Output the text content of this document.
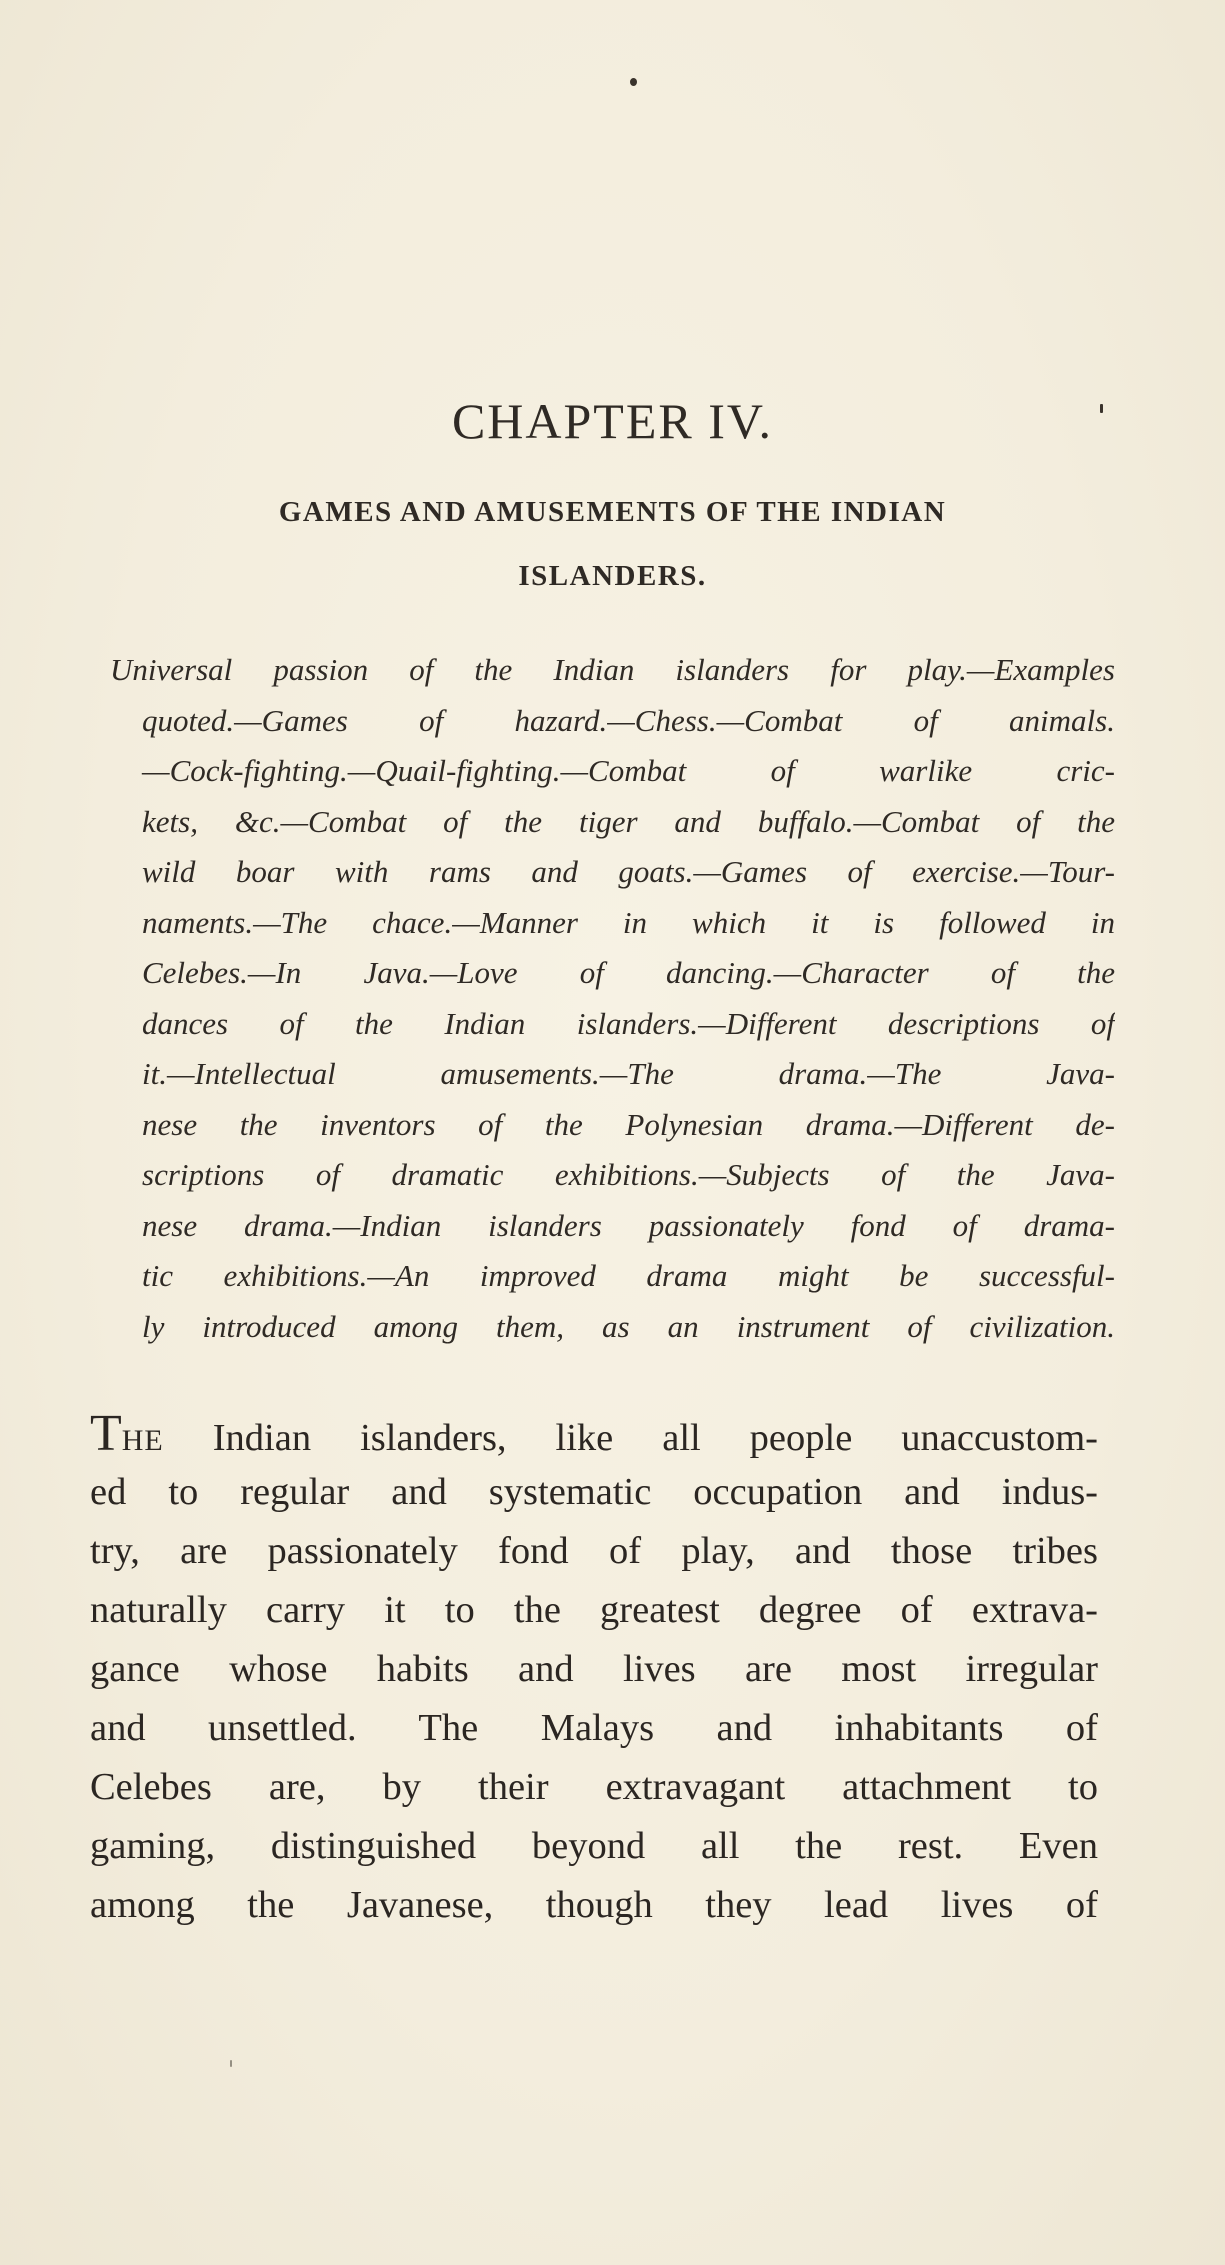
CHAPTER IV.
GAMES AND AMUSEMENTS OF THE INDIAN
ISLANDERS.
Universal passion of the Indian islanders for play.—Examples
quoted.—Games of hazard.—Chess.—Combat of animals.
—Cock-fighting.—Quail-fighting.—Combat of warlike cric-
kets, &c.—Combat of the tiger and buffalo.—Combat of the
wild boar with rams and goats.—Games of exercise.—Tour-
naments.—The chace.—Manner in which it is followed in
Celebes.—In Java.—Love of dancing.—Character of the
dances of the Indian islanders.—Different descriptions of
it.—Intellectual amusements.—The drama.—The Java-
nese the inventors of the Polynesian drama.—Different de-
scriptions of dramatic exhibitions.—Subjects of the Java-
nese drama.—Indian islanders passionately fond of drama-
tic exhibitions.—An improved drama might be successful-
ly introduced among them, as an instrument of civilization.
THE Indian islanders, like all people unaccustom-
ed to regular and systematic occupation and indus-
try, are passionately fond of play, and those tribes
naturally carry it to the greatest degree of extrava-
gance whose habits and lives are most irregular
and unsettled. The Malays and inhabitants of
Celebes are, by their extravagant attachment to
gaming, distinguished beyond all the rest. Even
among the Javanese, though they lead lives of
